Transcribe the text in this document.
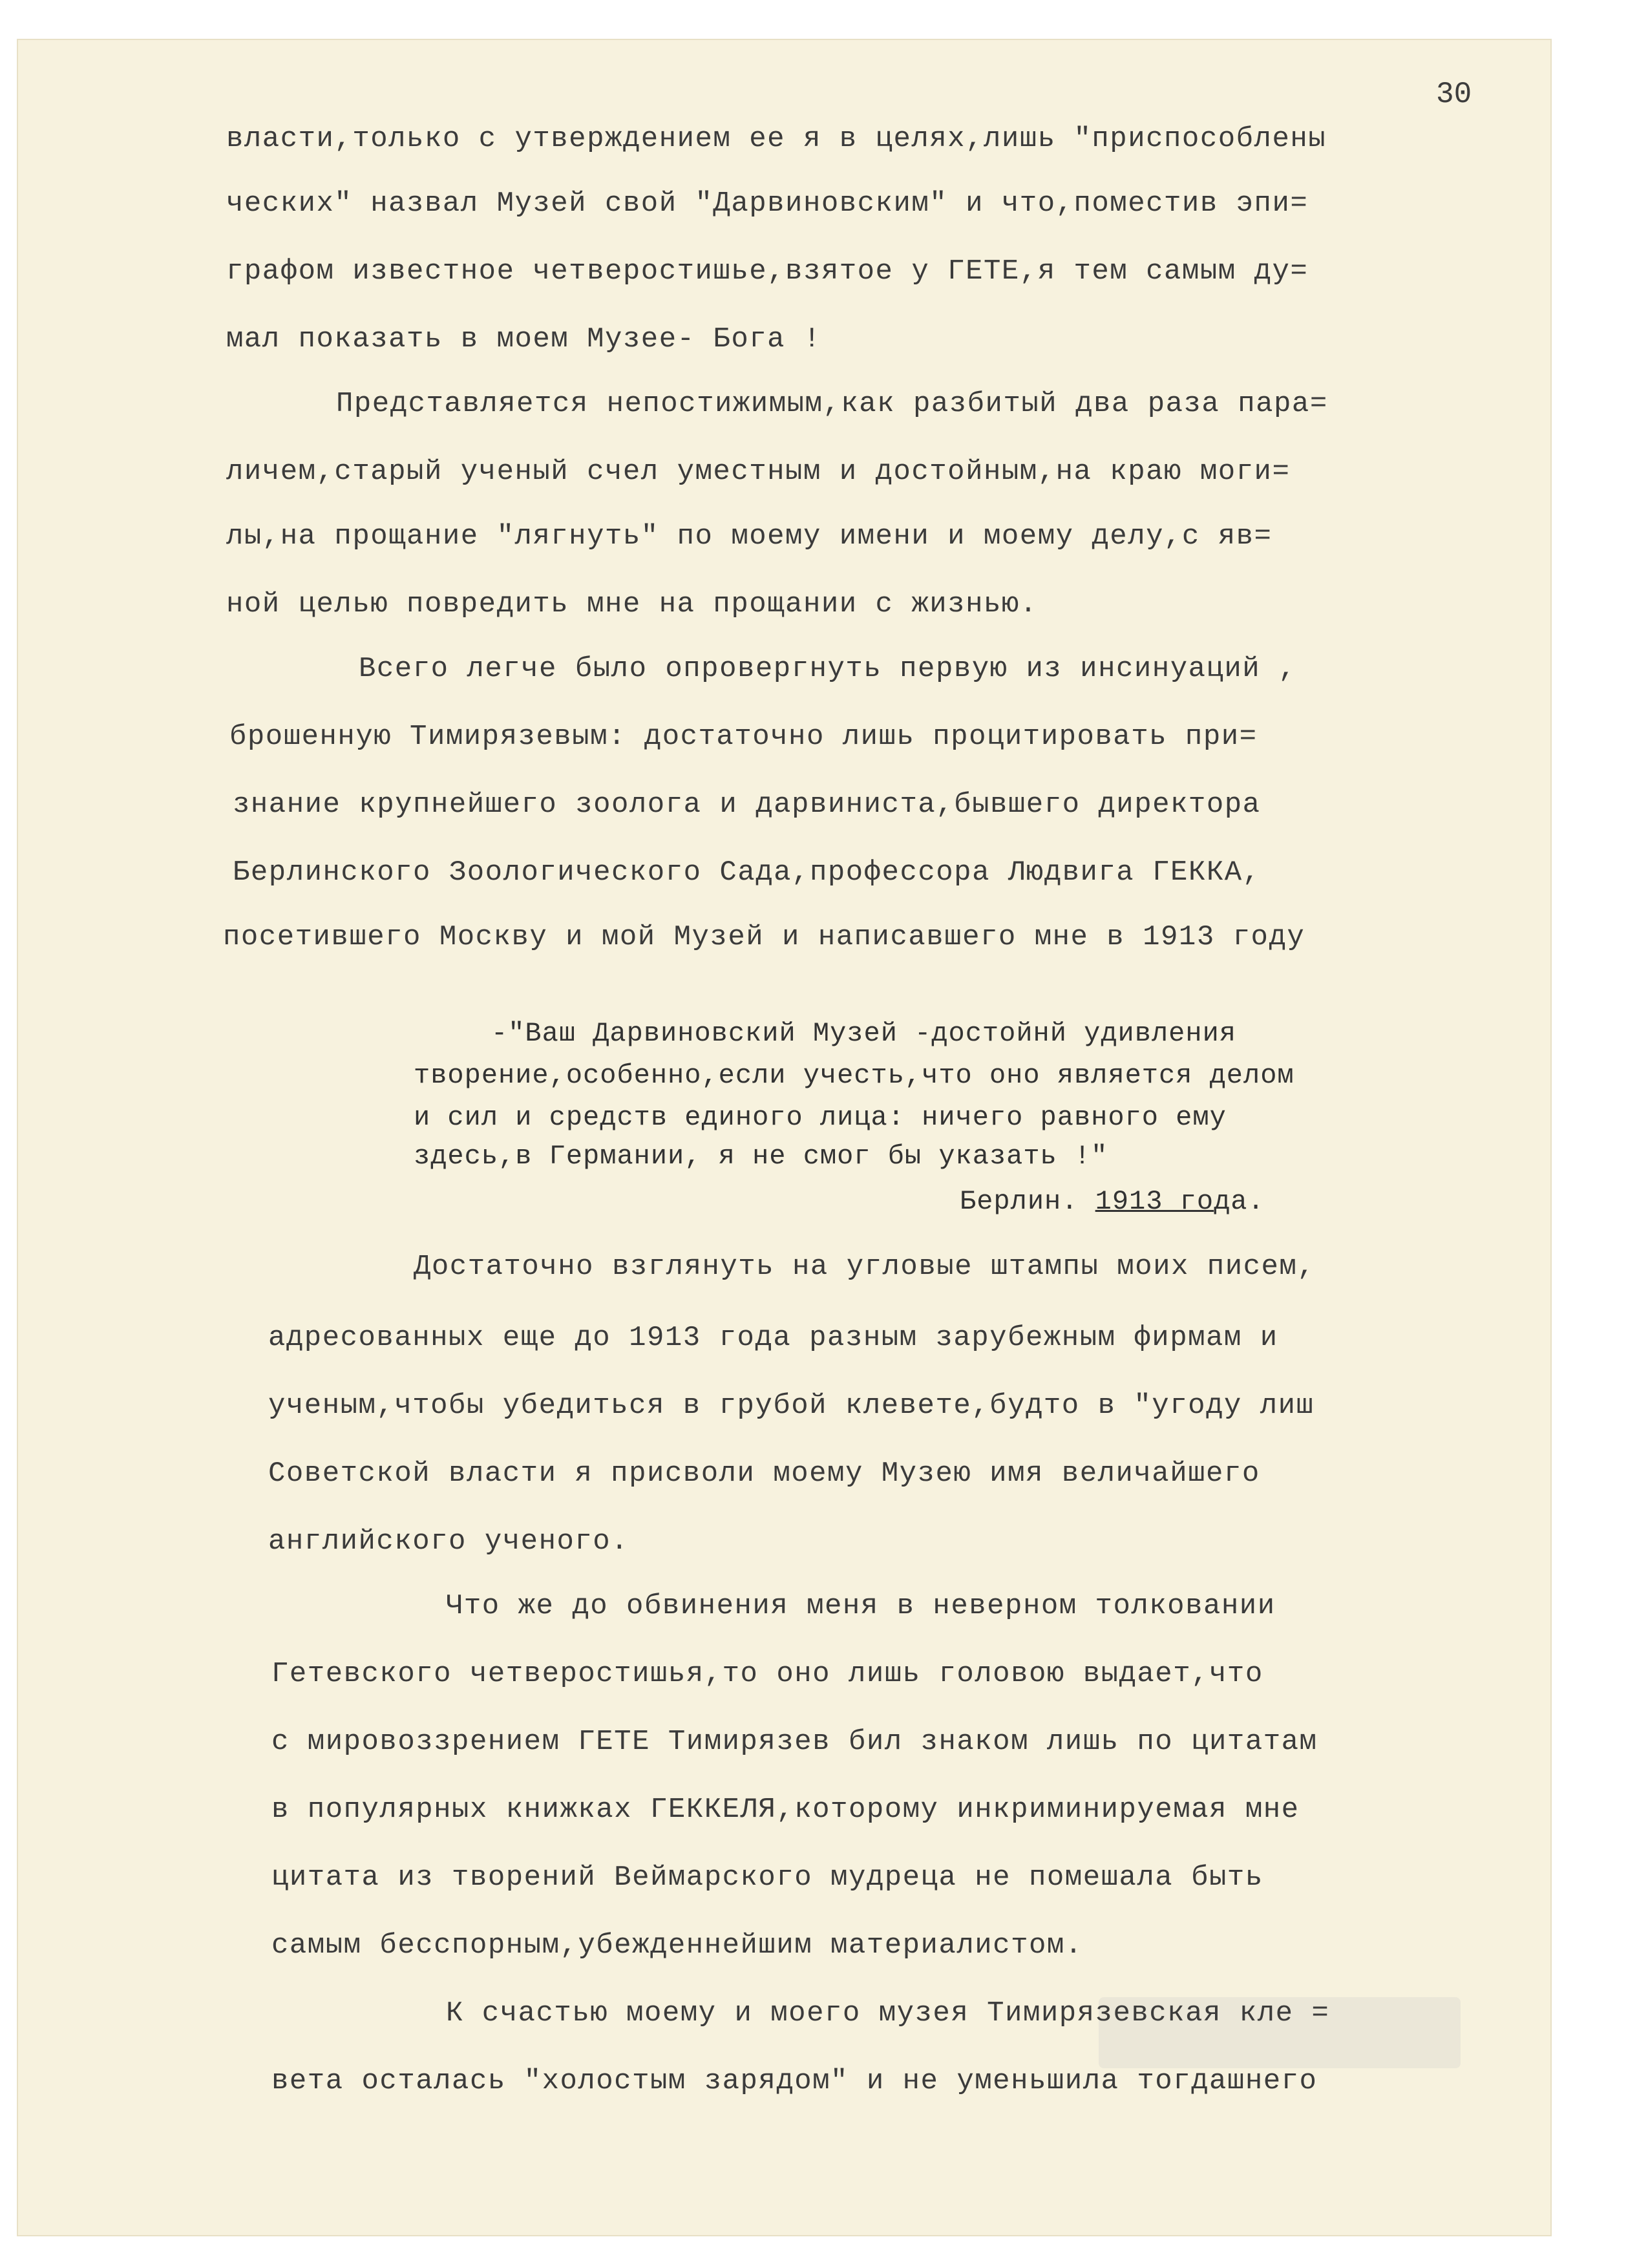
30
власти,только с утверждением ее я в целях,лишь "приспособлены
ческих" назвал Музей свой "Дарвиновским" и что,поместив эпи=
графом известное четверостишье,взятое у ГЕТЕ,я тем самым ду=
мал показать в моем Музее- Бога !
Представляется непостижимым,как разбитый два раза пара=
личем,старый ученый счел уместным и достойным,на краю моги=
лы,на прощание "лягнуть" по моему имени и моему делу,с яв=
ной целью повредить мне на прощании с жизнью.
Всего легче было опровергнуть первую из инсинуаций ,
брошенную Тимирязевым: достаточно лишь процитировать при=
знание крупнейшего зоолога и дарвиниста,бывшего директора
Берлинского Зоологического Сада,профессора Людвига ГЕККА,
посетившего Москву и мой Музей и написавшего мне в 1913 году
-"Ваш Дарвиновский Музей -достойнй удивления
творение,особенно,если учесть,что оно является делом
и сил и средств единого лица: ничего равного ему
здесь,в Германии, я не смог бы указать !"
Берлин. 1913 года.
Достаточно взглянуть на угловые штампы моих писем,
адресованных еще до 1913 года разным зарубежным фирмам и
ученым,чтобы убедиться в грубой клевете,будто в "угоду лиш
Советской власти я присволи моему Музею имя величайшего
английского ученого.
Что же до обвинения меня в неверном толковании
Гетевского четверостишья,то оно лишь головою выдает,что
с мировоззрением ГЕТЕ Тимирязев бил знаком лишь по цитатам
в популярных книжках ГЕККЕЛЯ,которому инкриминируемая мне
цитата из творений Веймарского мудреца не помешала быть
самым бесспорным,убежденнейшим материалистом.
К счастью моему и моего музея Тимирязевская кле =
вета осталась "холостым зарядом" и не уменьшила тогдашнего
